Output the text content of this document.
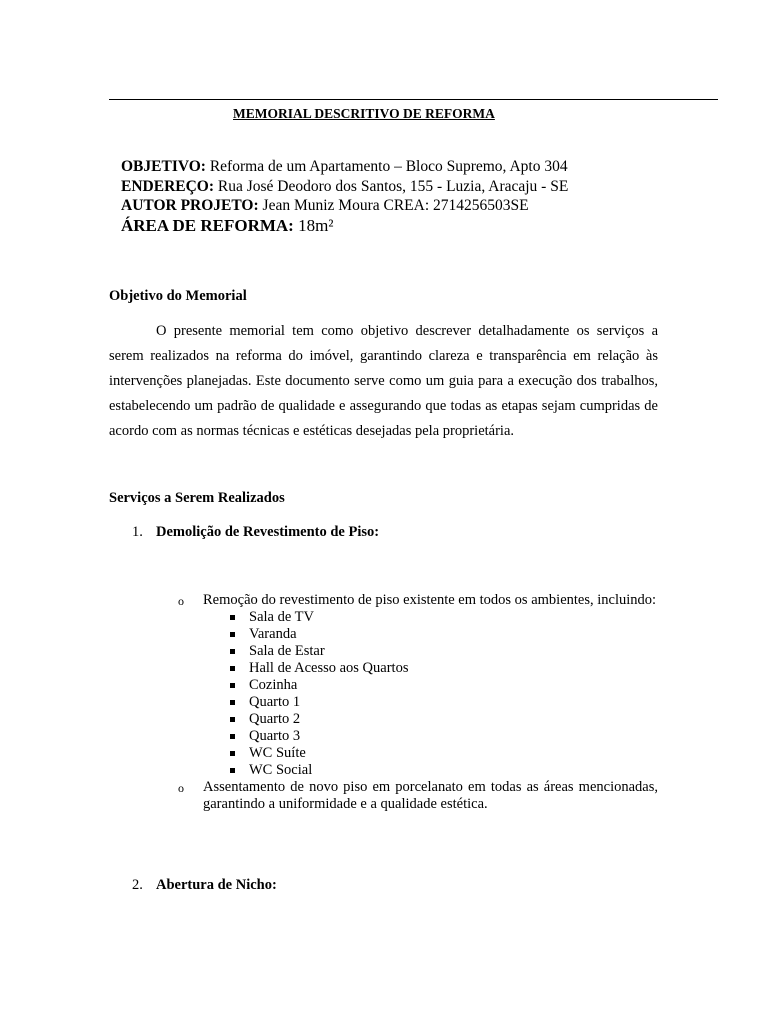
MEMORIAL DESCRITIVO DE REFORMA
OBJETIVO: Reforma de um Apartamento – Bloco Supremo, Apto 304
ENDEREÇO: Rua José Deodoro dos Santos, 155 - Luzia, Aracaju - SE
AUTOR PROJETO: Jean Muniz Moura CREA: 2714256503SE
ÁREA DE REFORMA: 18m²
Objetivo do Memorial
O presente memorial tem como objetivo descrever detalhadamente os serviços a serem realizados na reforma do imóvel, garantindo clareza e transparência em relação às intervenções planejadas. Este documento serve como um guia para a execução dos trabalhos, estabelecendo um padrão de qualidade e assegurando que todas as etapas sejam cumpridas de acordo com as normas técnicas e estéticas desejadas pela proprietária.
Serviços a Serem Realizados
1. Demolição de Revestimento de Piso:
o Remoção do revestimento de piso existente em todos os ambientes, incluindo:
Sala de TV
Varanda
Sala de Estar
Hall de Acesso aos Quartos
Cozinha
Quarto 1
Quarto 2
Quarto 3
WC Suíte
WC Social
o Assentamento de novo piso em porcelanato em todas as áreas mencionadas, garantindo a uniformidade e a qualidade estética.
2. Abertura de Nicho:
